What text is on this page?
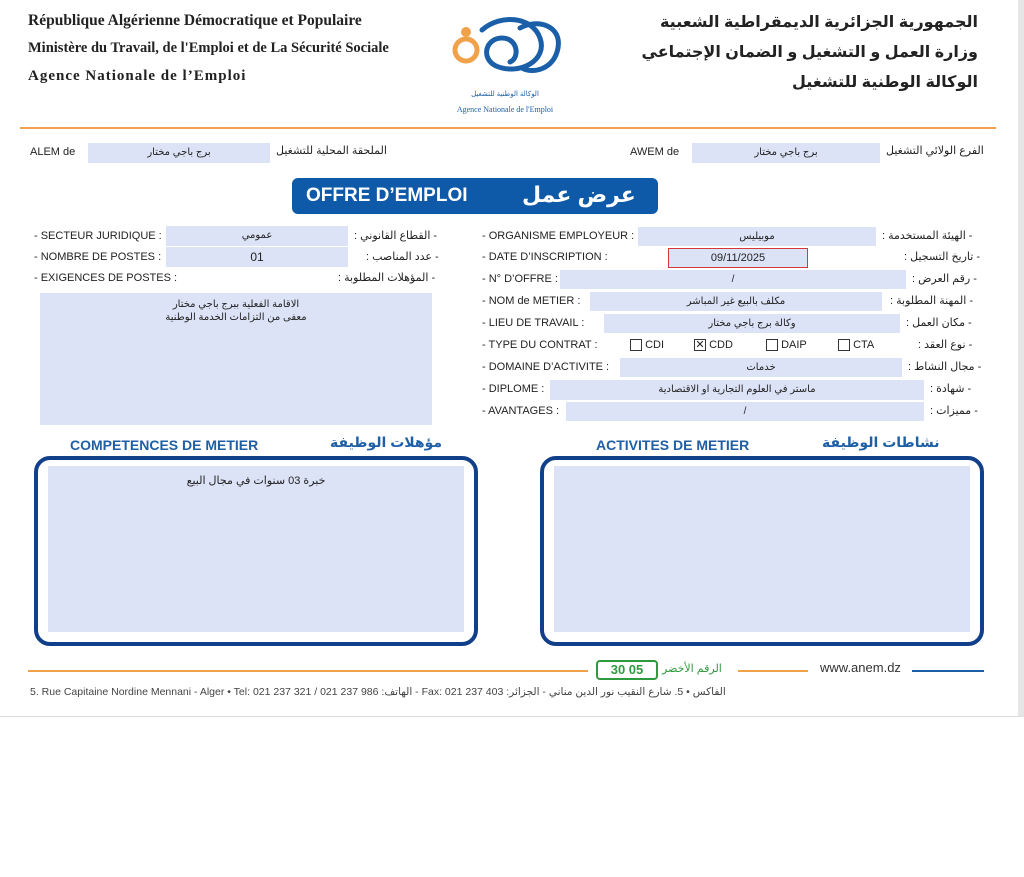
République Algérienne Démocratique et Populaire
Ministère du Travail, de l'Emploi et de La Sécurité Sociale
Agence Nationale de l’Emploi
الوكالة الوطنية للتشغيل
Agence Nationale de l'Emploi
الجمهورية الجزائرية الديمقراطية الشعبية
وزارة العمل و التشغيل و الضمان الإجتماعي
الوكالة الوطنية للتشغيل
ALEM de	برج باجي مختار	الملحقة المحلية للتشغيل	AWEM de	برج باجي مختار	الفرع الولائي التشغيل
OFFRE D’EMPLOI عرض عمل
- SECTEUR JURIDIQUE :	عمومي	- القطاع القانوني :
- NOMBRE DE POSTES :	01	- عدد المناصب :
- EXIGENCES DE POSTES :	- المؤهلات المطلوبة :
الاقامة الفعلية ببرج باجي مختار
معفى من التزامات الخدمة الوطنية
- ORGANISME EMPLOYEUR :	موبيليس	- الهيئة المستخدمة :
- DATE D’INSCRIPTION :	09/11/2025	- تاريخ التسجيل :
- N° D’OFFRE :	/	- رقم العرض :
- NOM de METIER :	مكلف بالبيع غير المباشر	- المهنة المطلوبة :
- LIEU DE TRAVAIL :	وكالة برج باجي مختار	- مكان العمل :
- TYPE DU CONTRAT :	CDI	✕ CDD	DAIP	CTA	- نوع العقد :
- DOMAINE D’ACTIVITE :	خدمات	- مجال النشاط :
- DIPLOME :	ماستر في العلوم التجارية او الاقتصادية	- شهادة :
- AVANTAGES :	/	- مميزات :
COMPETENCES DE METIER	مؤهلات الوظيفة	ACTIVITES DE METIER	نشاطات الوظيفة
خبرة 03 سنوات في مجال البيع
30 05	الرقم الأخضر	www.anem.dz
5. Rue Capitaine Nordine Mennani - Alger • Tel: 021 237 321 / 021 237 986 :الهاتف - Fax: 021 237 403 :الفاكس • 5. شارع النقيب نور الدين مناني - الجزائر
